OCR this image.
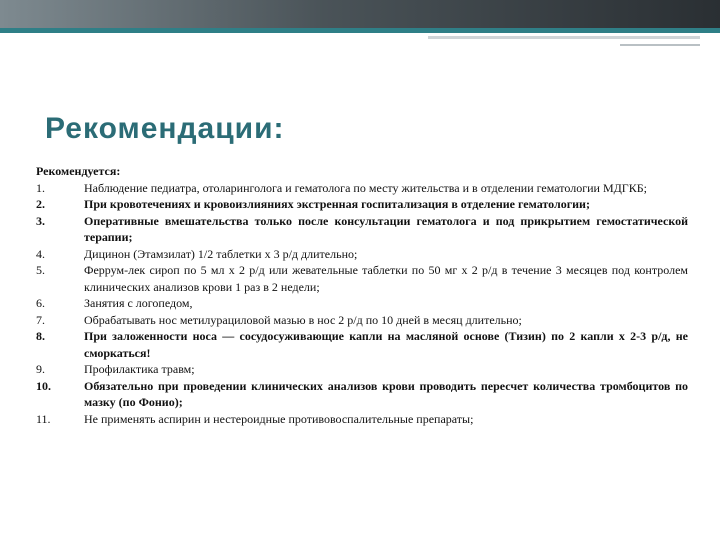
Рекомендации:
Рекомендуется:
1.	Наблюдение педиатра, отоларинголога и гематолога по месту жительства и в отделении гематологии МДГКБ;
2.	При кровотечениях и кровоизлияниях экстренная госпитализация в отделение гематологии;
3.	Оперативные вмешательства только после консультации гематолога и под прикрытием гемостатической терапии;
4.	Дицинон (Этамзилат) 1/2 таблетки х 3 р/д длительно;
5.	Феррум-лек сироп по 5 мл х 2 р/д или жевательные таблетки по 50 мг х 2 р/д в течение 3 месяцев под контролем клинических анализов крови 1 раз в 2 недели;
6.	Занятия с логопедом,
7.	Обрабатывать нос метилурациловой мазью в нос 2 р/д по 10 дней в месяц длительно;
8.	При заложенности носа — сосудосуживающие капли на масляной основе (Тизин) по 2 капли х 2-3 р/д, не сморкаться!
9.	Профилактика травм;
10.	Обязательно при проведении клинических анализов крови проводить пересчет количества тромбоцитов по мазку (по Фонио);
11.	Не применять аспирин и нестероидные противовоспалительные препараты;
